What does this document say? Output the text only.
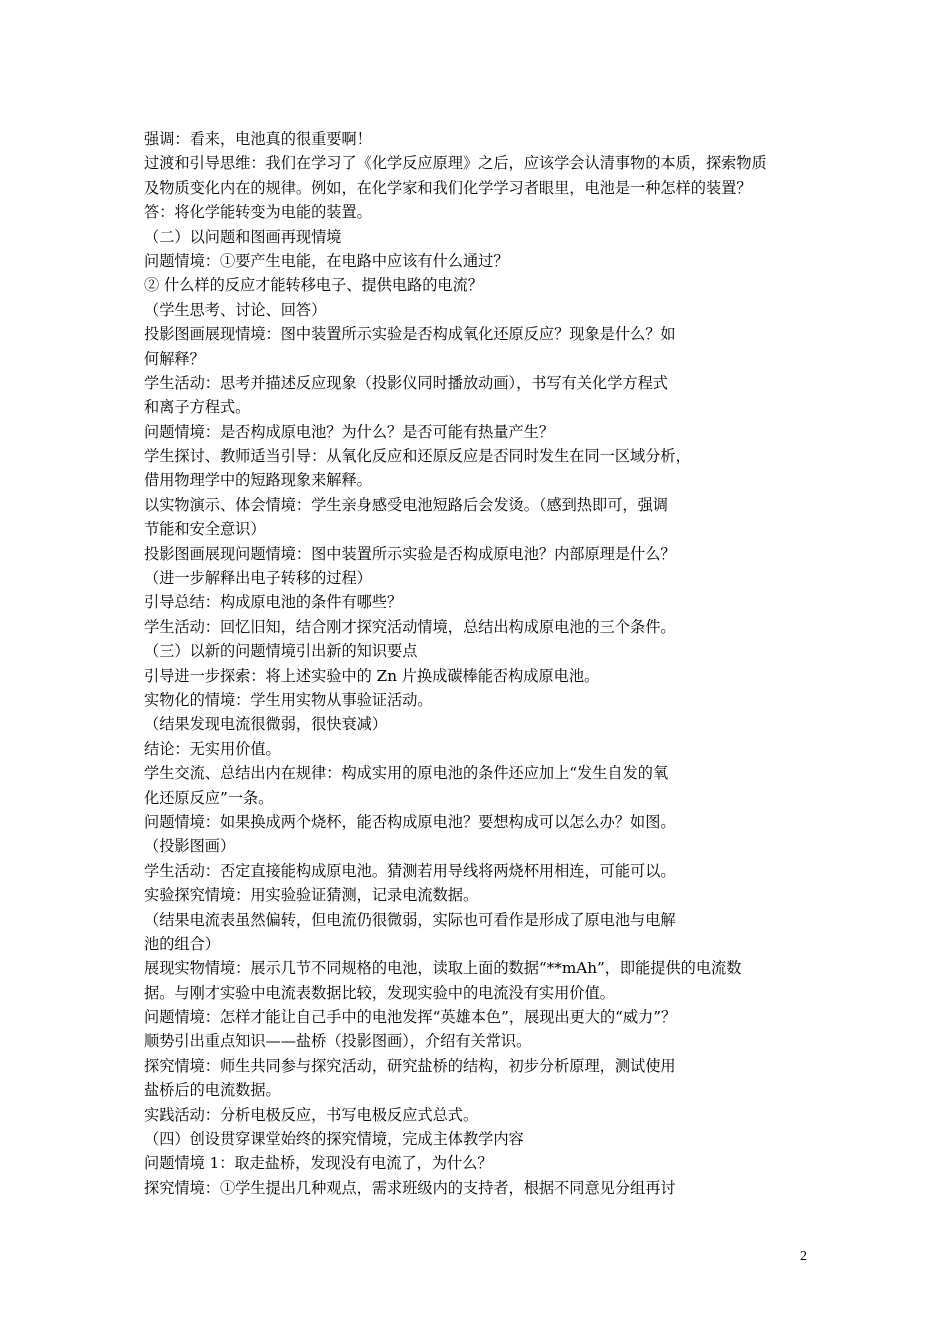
强调：看来，电池真的很重要啊！
过渡和引导思维：我们在学习了《化学反应原理》之后，应该学会认清事物的本质，探索物质
及物质变化内在的规律。例如，在化学家和我们化学学习者眼里，电池是一种怎样的装置？
答：将化学能转变为电能的装置。
（二）以问题和图画再现情境
问题情境：①要产生电能，在电路中应该有什么通过？
② 什么样的反应才能转移电子、提供电路的电流？
（学生思考、讨论、回答）
投影图画展现情境：图中装置所示实验是否构成氧化还原反应？现象是什么？如
何解释？
学生活动：思考并描述反应现象（投影仪同时播放动画），书写有关化学方程式
和离子方程式。
问题情境：是否构成原电池？为什么？是否可能有热量产生？
学生探讨、教师适当引导：从氧化反应和还原反应是否同时发生在同一区域分析，
借用物理学中的短路现象来解释。
以实物演示、体会情境：学生亲身感受电池短路后会发烫。（感到热即可，强调
节能和安全意识）
投影图画展现问题情境：图中装置所示实验是否构成原电池？内部原理是什么？
（进一步解释出电子转移的过程）
引导总结：构成原电池的条件有哪些？
学生活动：回忆旧知，结合刚才探究活动情境，总结出构成原电池的三个条件。
（三）以新的问题情境引出新的知识要点
引导进一步探索：将上述实验中的 Zn 片换成碳棒能否构成原电池。
实物化的情境：学生用实物从事验证活动。
（结果发现电流很微弱，很快衰减）
结论：无实用价值。
学生交流、总结出内在规律：构成实用的原电池的条件还应加上“发生自发的氧
化还原反应”一条。
问题情境：如果换成两个烧杯，能否构成原电池？要想构成可以怎么办？如图。
（投影图画）
学生活动：否定直接能构成原电池。猜测若用导线将两烧杯用相连，可能可以。
实验探究情境：用实验验证猜测，记录电流数据。
（结果电流表虽然偏转，但电流仍很微弱，实际也可看作是形成了原电池与电解
池的组合）
展现实物情境：展示几节不同规格的电池，读取上面的数据“**mAh”，即能提供的电流数
据。与刚才实验中电流表数据比较，发现实验中的电流没有实用价值。
问题情境：怎样才能让自己手中的电池发挥“英雄本色”，展现出更大的“威力”？
顺势引出重点知识——盐桥（投影图画），介绍有关常识。
探究情境：师生共同参与探究活动，研究盐桥的结构，初步分析原理，测试使用
盐桥后的电流数据。
实践活动：分析电极反应，书写电极反应式总式。
（四）创设贯穿课堂始终的探究情境，完成主体教学内容
问题情境 1：取走盐桥，发现没有电流了，为什么？
探究情境：①学生提出几种观点，需求班级内的支持者，根据不同意见分组再讨
2
